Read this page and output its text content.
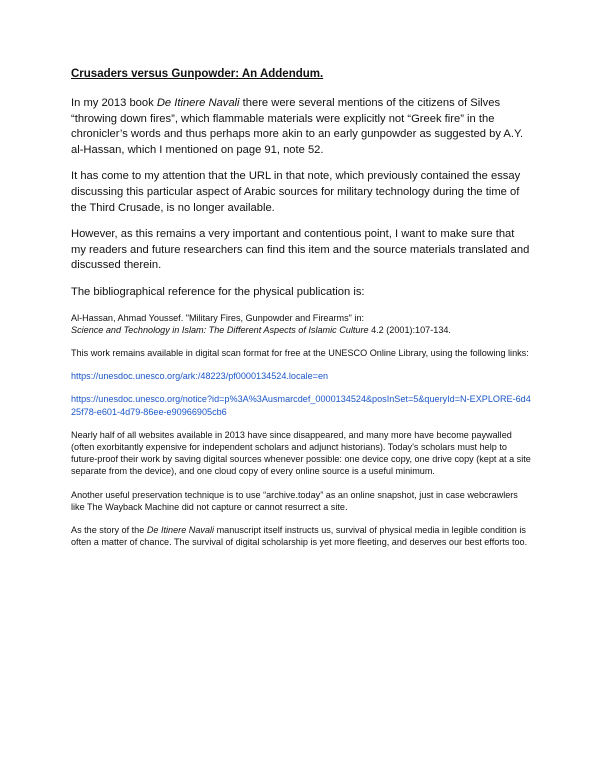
Crusaders versus Gunpowder: An Addendum.

In my 2013 book De Itinere Navali there were several mentions of the citizens of Silves “throwing down fires”, which flammable materials were explicitly not “Greek fire” in the chronicler’s words and thus perhaps more akin to an early gunpowder as suggested by A.Y. al-Hassan, which I mentioned on page 91, note 52.

It has come to my attention that the URL in that note, which previously contained the essay discussing this particular aspect of Arabic sources for military technology during the time of the Third Crusade, is no longer available.

However, as this remains a very important and contentious point, I want to make sure that my readers and future researchers can find this item and the source materials translated and discussed therein.

The bibliographical reference for the physical publication is:

Al-Hassan, Ahmad Youssef. "Military Fires, Gunpowder and Firearms" in:
Science and Technology in Islam: The Different Aspects of Islamic Culture 4.2 (2001):107-134.

This work remains available in digital scan format for free at the UNESCO Online Library, using the following links:

https://unesdoc.unesco.org/ark:/48223/pf0000134524.locale=en
https://unesdoc.unesco.org/notice?id=p%3A%3Ausmarcdef_0000134524&posInSet=5&queryId=N-EXPLORE-6d425f78-e601-4d79-86ee-e90966905cb6

Nearly half of all websites available in 2013 have since disappeared, and many more have become paywalled (often exorbitantly expensive for independent scholars and adjunct historians). Today’s scholars must help to future-proof their work by saving digital sources whenever possible: one device copy, one drive copy (kept at a site separate from the device), and one cloud copy of every online source is a useful minimum.

Another useful preservation technique is to use “archive.today” as an online snapshot, just in case webcrawlers like The Wayback Machine did not capture or cannot resurrect a site.

As the story of the De Itinere Navali manuscript itself instructs us, survival of physical media in legible condition is often a matter of chance. The survival of digital scholarship is yet more fleeting, and deserves our best efforts too.
